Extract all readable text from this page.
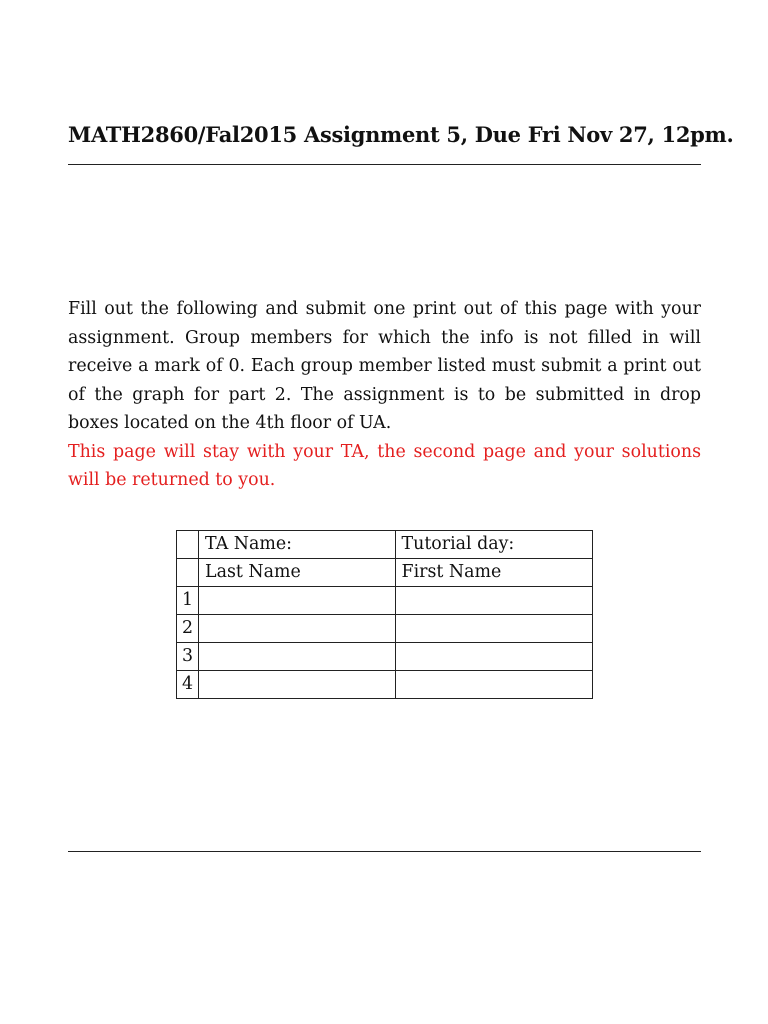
MATH2860/Fal2015 Assignment 5, Due Fri Nov 27, 12pm.

Fill out the following and submit one print out of this page with your assignment. Group members for which the info is not filled in will receive a mark of 0. Each group member listed must submit a print out of the graph for part 2. The assignment is to be submitted in drop boxes located on the 4th floor of UA.
This page will stay with your TA, the second page and your solutions will be returned to you.

	TA Name:	Tutorial day:
	Last Name	First Name
1		
2		
3		
4		
